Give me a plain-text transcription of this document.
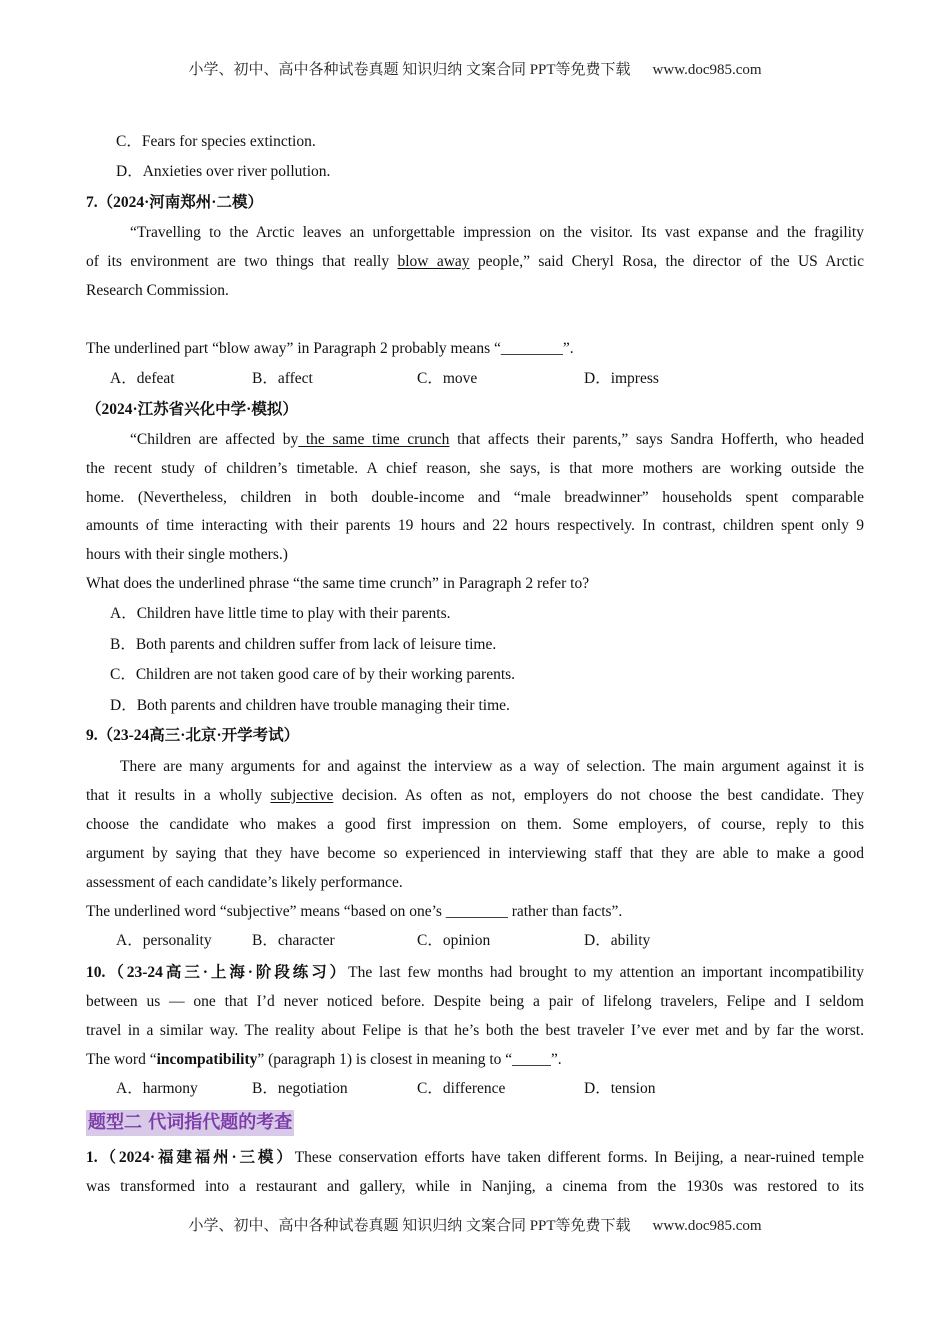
小学、初中、高中各种试卷真题 知识归纳 文案合同 PPT等免费下载 www.doc985.com
C．Fears for species extinction.
D．Anxieties over river pollution.
7.（2024·河南郑州·二模）
“Travelling to the Arctic leaves an unforgettable impression on the visitor. Its vast expanse and the fragility
of its environment are two things that really blow away people,” said Cheryl Rosa, the director of the US Arctic
Research Commission.
The underlined part “blow away” in Paragraph 2 probably means “________”.
A．defeat	B．affect	C．move	D．impress
（2024·江苏省兴化中学·模拟）
“Children are affected by the same time crunch that affects their parents,” says Sandra Hofferth, who headed
the recent study of children’s timetable. A chief reason, she says, is that more mothers are working outside the
home. (Nevertheless, children in both double-income and “male breadwinner” households spent comparable
amounts of time interacting with their parents 19 hours and 22 hours respectively. In contrast, children spent only 9
hours with their single mothers.)
What does the underlined phrase “the same time crunch” in Paragraph 2 refer to?
A．Children have little time to play with their parents.
B．Both parents and children suffer from lack of leisure time.
C．Children are not taken good care of by their working parents.
D．Both parents and children have trouble managing their time.
9.（23-24高三·北京·开学考试）
There are many arguments for and against the interview as a way of selection. The main argument against it is
that it results in a wholly subjective decision. As often as not, employers do not choose the best candidate. They
choose the candidate who makes a good first impression on them. Some employers, of course, reply to this
argument by saying that they have become so experienced in interviewing staff that they are able to make a good
assessment of each candidate’s likely performance.
The underlined word “subjective” means “based on one’s ________ rather than facts”.
A．personality	B．character	C．opinion	D．ability
10.（23-24高三·上海·阶段练习）The last few months had brought to my attention an important incompatibility
between us — one that I’d never noticed before. Despite being a pair of lifelong travelers, Felipe and I seldom
travel in a similar way. The reality about Felipe is that he’s both the best traveler I’ve ever met and by far the worst.
The word “incompatibility” (paragraph 1) is closest in meaning to “_____”.
A．harmony	B．negotiation	C．difference	D．tension
题型二 代词指代题的考查
1.（2024·福建福州·三模）These conservation efforts have taken different forms. In Beijing, a near-ruined temple
was transformed into a restaurant and gallery, while in Nanjing, a cinema from the 1930s was restored to its
小学、初中、高中各种试卷真题 知识归纳 文案合同 PPT等免费下载 www.doc985.com
